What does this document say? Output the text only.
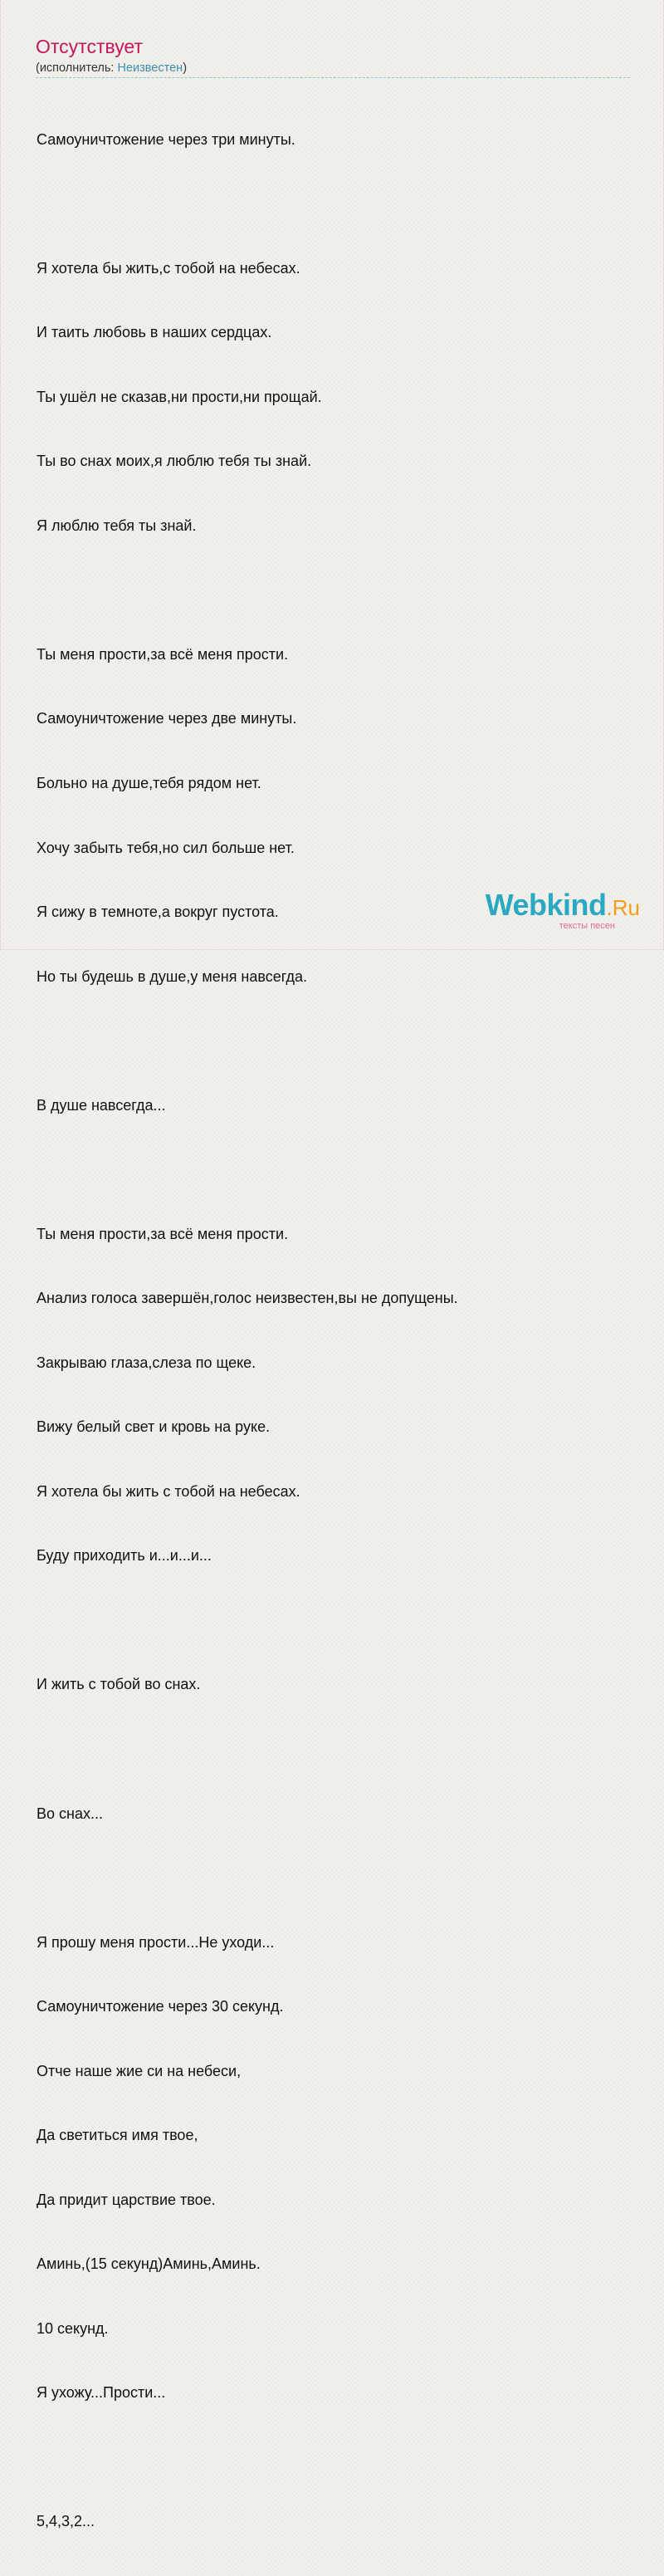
Отсутствует
(исполнитель: Неизвестен)

Самоуничтожение через три минуты.

Я хотела бы жить,с тобой на небесах.

И таить любовь в наших сердцах.

Ты ушёл не сказав,ни прости,ни прощай.

Ты во снах моих,я люблю тебя ты знай.

Я люблю тебя ты знай.

Ты меня прости,за всё меня прости.

Самоуничтожение через две минуты.

Больно на душе,тебя рядом нет.

Хочу забыть тебя,но сил больше нет.

Я сижу в темноте,а вокруг пустота.

Но ты будешь в душе,у меня навсегда.

В душе навсегда...

Ты меня прости,за всё меня прости.

Анализ голоса завершён,голос неизвестен,вы не допущены.

Закрываю глаза,слеза по щеке.

Вижу белый свет и кровь на руке.

Я хотела бы жить с тобой на небесах.

Буду приходить и...и...и...

И жить с тобой во снах.

Во снах...

Я прошу меня прости...Не уходи...

Самоуничтожение через 30 секунд.

Отче наше жие си на небеси,

Да светиться имя твое,

Да придит царствие твое.

Аминь,(15 секунд)Аминь,Аминь.

10 секунд.

Я ухожу...Прости...

5,4,3,2...

Webkind.Ru
тексты песен
